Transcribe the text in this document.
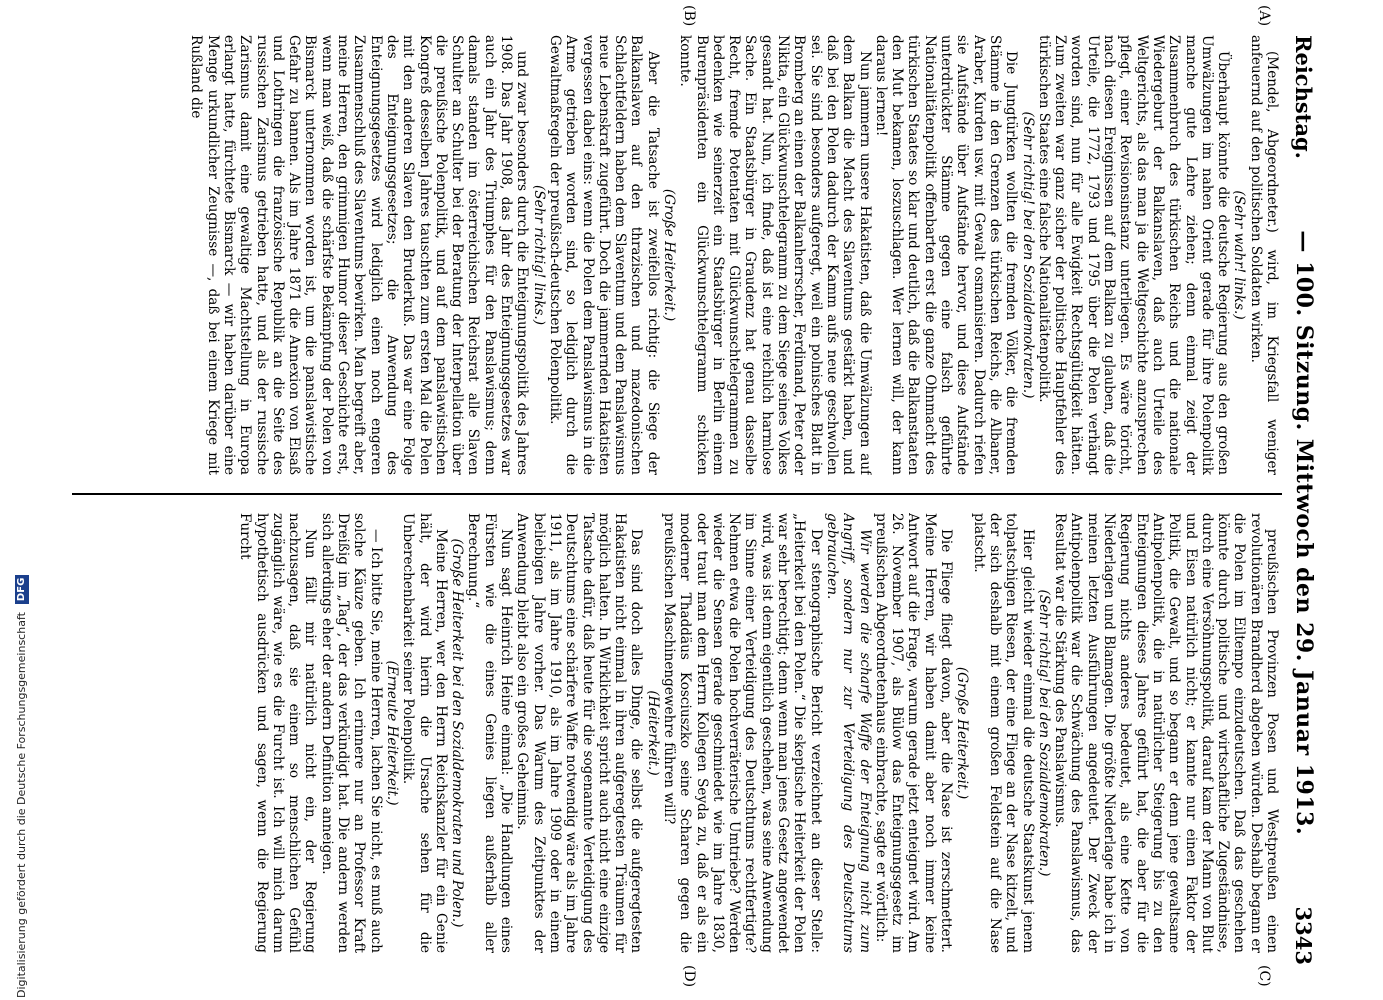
Reichstag.
— 100. Sitzung. Mittwoch den 29. Januar 1913.
3343
(A)
(B)
(C)
(D)

(Mendel, Abgeordneter.) wird, im Kriegsfall weniger anfeuernd auf den politischen Soldaten wirken.

(Sehr wahr! links.)

Überhaupt könnte die deutsche Regierung aus den großen Umwälzungen im nahen Orient gerade für ihre Polenpolitik manche gute Lehre ziehen; denn einmal zeigt der Zusammenbruch des türkischen Reichs und die nationale Wiedergeburt der Balkanslaven, daß auch Urteile des Weltgerichts, als das man ja die Weltgeschichte anzusprechen pflegt, einer Revisionsinstanz unterliegen. Es wäre töricht, nach diesen Ereignissen auf dem Balkan zu glauben, daß die Urteile, die 1772, 1793 und 1795 über die Polen verhängt worden sind, nun für alle Ewigkeit Rechtsgültigkeit hätten. Zum zweiten war ganz sicher der politische Hauptfehler des türkischen Staates eine falsche Nationalitätenpolitik.

(Sehr richtig! bei den Sozialdemokraten.)

Die Jungtürken wollten die fremden Völker, die fremden Stämme in den Grenzen des türkischen Reichs, die Albaner, Araber, Kurden usw. mit Gewalt osmanisieren. Dadurch riefen sie Aufstände über Aufstände hervor, und diese Aufstände unterdrückter Stämme gegen eine falsch geführte Nationalitätenpolitik offenbarten erst die ganze Ohnmacht des türkischen Staates so klar und deutlich, daß die Balkanstaaten den Mut bekamen, loszuschlagen. Wer lernen will, der kann daraus lernen!

Nun jammern unsere Hakatisten, daß die Umwälzungen auf dem Balkan die Macht des Slaventums gestärkt haben, und daß bei den Polen dadurch der Kamm aufs neue geschwollen sei. Sie sind besonders aufgeregt, weil ein polnisches Blatt in Bromberg an einen der Balkanherrscher, Ferdinand, Peter oder Nikita, ein Glückwunschtelegramm zu dem Siege seines Volkes gesandt hat. Nun, ich finde, daß ist eine reichlich harmlose Sache. Ein Staatsbürger in Graudenz hat genau dasselbe Recht, fremde Potentaten mit Glückwunschtelegrammen zu bedenken wie seinerzeit ein Staatsbürger in Berlin einem Burenpräsidenten ein Glückwunschtelegramm schicken konnte.

(Große Heiterkeit.)

Aber die Tatsache ist zweifellos richtig: die Siege der Balkanslaven auf den thrazischen und mazedonischen Schlachtfeldern haben dem Slaventum und dem Panslawismus neue Lebenskraft zugeführt. Doch die jammernden Hakatisten vergessen dabei eins: wenn die Polen dem Panslawismus in die Arme getrieben worden sind, so lediglich durch die Gewaltmaßregeln der preußisch-deutschen Polenpolitik.

(Sehr richtig! links.)

und zwar besonders durch die Enteignungspolitik des Jahres 1908. Das Jahr 1908, das Jahr des Enteignungsgesetzes war auch ein Jahr des Triumphes für den Panslawismus; denn damals standen im österreichischen Reichsrat alle Slaven Schulter an Schulter bei der Beratung der Interpellation über die preußische Polenpolitik, und auf dem panslawistischen Kongreß desselben Jahres tauschten zum ersten Mal die Polen mit den anderen Slaven den Bruderkuß. Das war eine Folge des Enteignungsgesetzes; die Anwendung des Enteignungsgesetzes wird lediglich einen noch engeren Zusammenschluß des Slaventums bewirken. Man begreift aber, meine Herren, den grimmigen Humor dieser Geschichte erst, wenn man weiß, daß die schärfste Bekämpfung der Polen von Bismarck unternommen worden ist, um die panslawistische Gefahr zu bannen. Als im Jahre 1871 die Annexion von Elsaß und Lothringen die französische Republik an die Seite des russischen Zarismus getrieben hatte, und als der russische Zarismus damit eine gewaltige Machtstellung in Europa erlangt hatte, fürchtete Bismarck — wir haben darüber eine Menge urkundlicher Zeugnisse —, daß bei einem Kriege mit Rußland die

preußischen Provinzen Posen und Westpreußen einen revolutionären Brandherd abgeben würden. Deshalb begann er die Polen im Eiltempo einzudeutschen. Daß das geschehen könnte durch politische und wirtschaftliche Zugeständnisse, durch eine Versöhnungspolitik, darauf kam der Mann von Blut und Eisen natürlich nicht; er kannte nur einen Faktor der Politik, die Gewalt, und so begann er denn jene gewaltsame Antipolenpolitik, die in natürlicher Steigerung bis zu den Enteignungen dieses Jahres geführt hat, die aber für die Regierung nichts anderes bedeutet, als eine Kette von Niederlagen und Blamagen. Die größte Niederlage habe ich in meinen letzten Ausführungen angedeutet. Der Zweck der Antipolenpolitik war die Schwächung des Panslawismus, das Resultat war die Stärkung des Panslawismus.

(Sehr richtig! bei den Sozialdemokraten.)

Hier gleicht wieder einmal die deutsche Staatskunst jenem tolpatschigen Riesen, der eine Fliege an der Nase kitzelt, und der sich deshalb mit einem großen Feldstein auf die Nase platscht.

(Große Heiterkeit.)

Die Fliege fliegt davon, aber die Nase ist zerschmettert. Meine Herren, wir haben damit aber noch immer keine Antwort auf die Frage, warum gerade jetzt enteignet wird. Am 26. November 1907, als Bülow das Enteignungsgesetz im preußischen Abgeordnetenhaus einbrachte, sagte er wörtlich:

Wir werden die scharfe Waffe der Enteignung nicht zum Angriff, sondern nur zur Verteidigung des Deutschtums gebrauchen.

Der stenographische Bericht verzeichnet an dieser Stelle: „Heiterkeit bei den Polen.“ Die skeptische Heiterkeit der Polen war sehr berechtigt; denn wenn man jenes Gesetz angewendet wird, was ist denn eigentlich geschehen, was seine Anwendung im Sinne einer Verteidigung des Deutschtums rechtfertigte? Nehmen etwa die Polen hochverräterische Umtriebe? Werden wieder die Sensen gerade geschmiedet wie im Jahre 1830, oder traut man dem Herrn Kollegen Seyda zu, daß er als ein moderner Thaddäus Kosciuszko seine Scharen gegen die preußischen Maschinengewehre führen will?

(Heiterkeit.)

Das sind doch alles Dinge, die selbst die aufgeregtesten Hakatisten nicht einmal in ihren aufgeregtesten Träumen für möglich halten. In Wirklichkeit spricht auch nicht eine einzige Tatsache dafür, daß heute für die sogenannte Verteidigung des Deutschtums eine schärfere Waffe notwendig wäre als im Jahre 1911, als im Jahre 1910, als im Jahre 1909 oder in einem beliebigen Jahre vorher. Das Warum des Zeitpunktes der Anwendung bleibt also ein großes Geheimnis.

Nun sagt Heinrich Heine einmal: „Die Handlungen eines Fürsten wie die eines Genies liegen außerhalb aller Berechnung.“

(Große Heiterkeit bei den Sozialdemokraten und Polen.)

Meine Herren, wer den Herrn Reichskanzler für ein Genie hält, der wird hierin die Ursache sehen für die Unberechenbarkeit seiner Polenpolitik.

(Erneute Heiterkeit.)

— Ich bitte Sie, meine Herren, lachen Sie nicht, es muß auch solche Käuze geben. Ich erinnere nur an Professor Kraft Dreißig im „Tag“, der das verkündigt hat. Die andern werden sich allerdings eher der andern Definition anneigen.

Nun fällt mir natürlich nicht ein, der Regierung nachzusagen, daß sie einem so menschlichen Gefühl zugänglich wäre, wie es die Furcht ist. Ich will mich darum hypothetisch ausdrücken und sagen, wenn die Regierung Furcht

Digitalisierung gefördert durch die Deutsche Forschungsgemeinschaft
DFG
